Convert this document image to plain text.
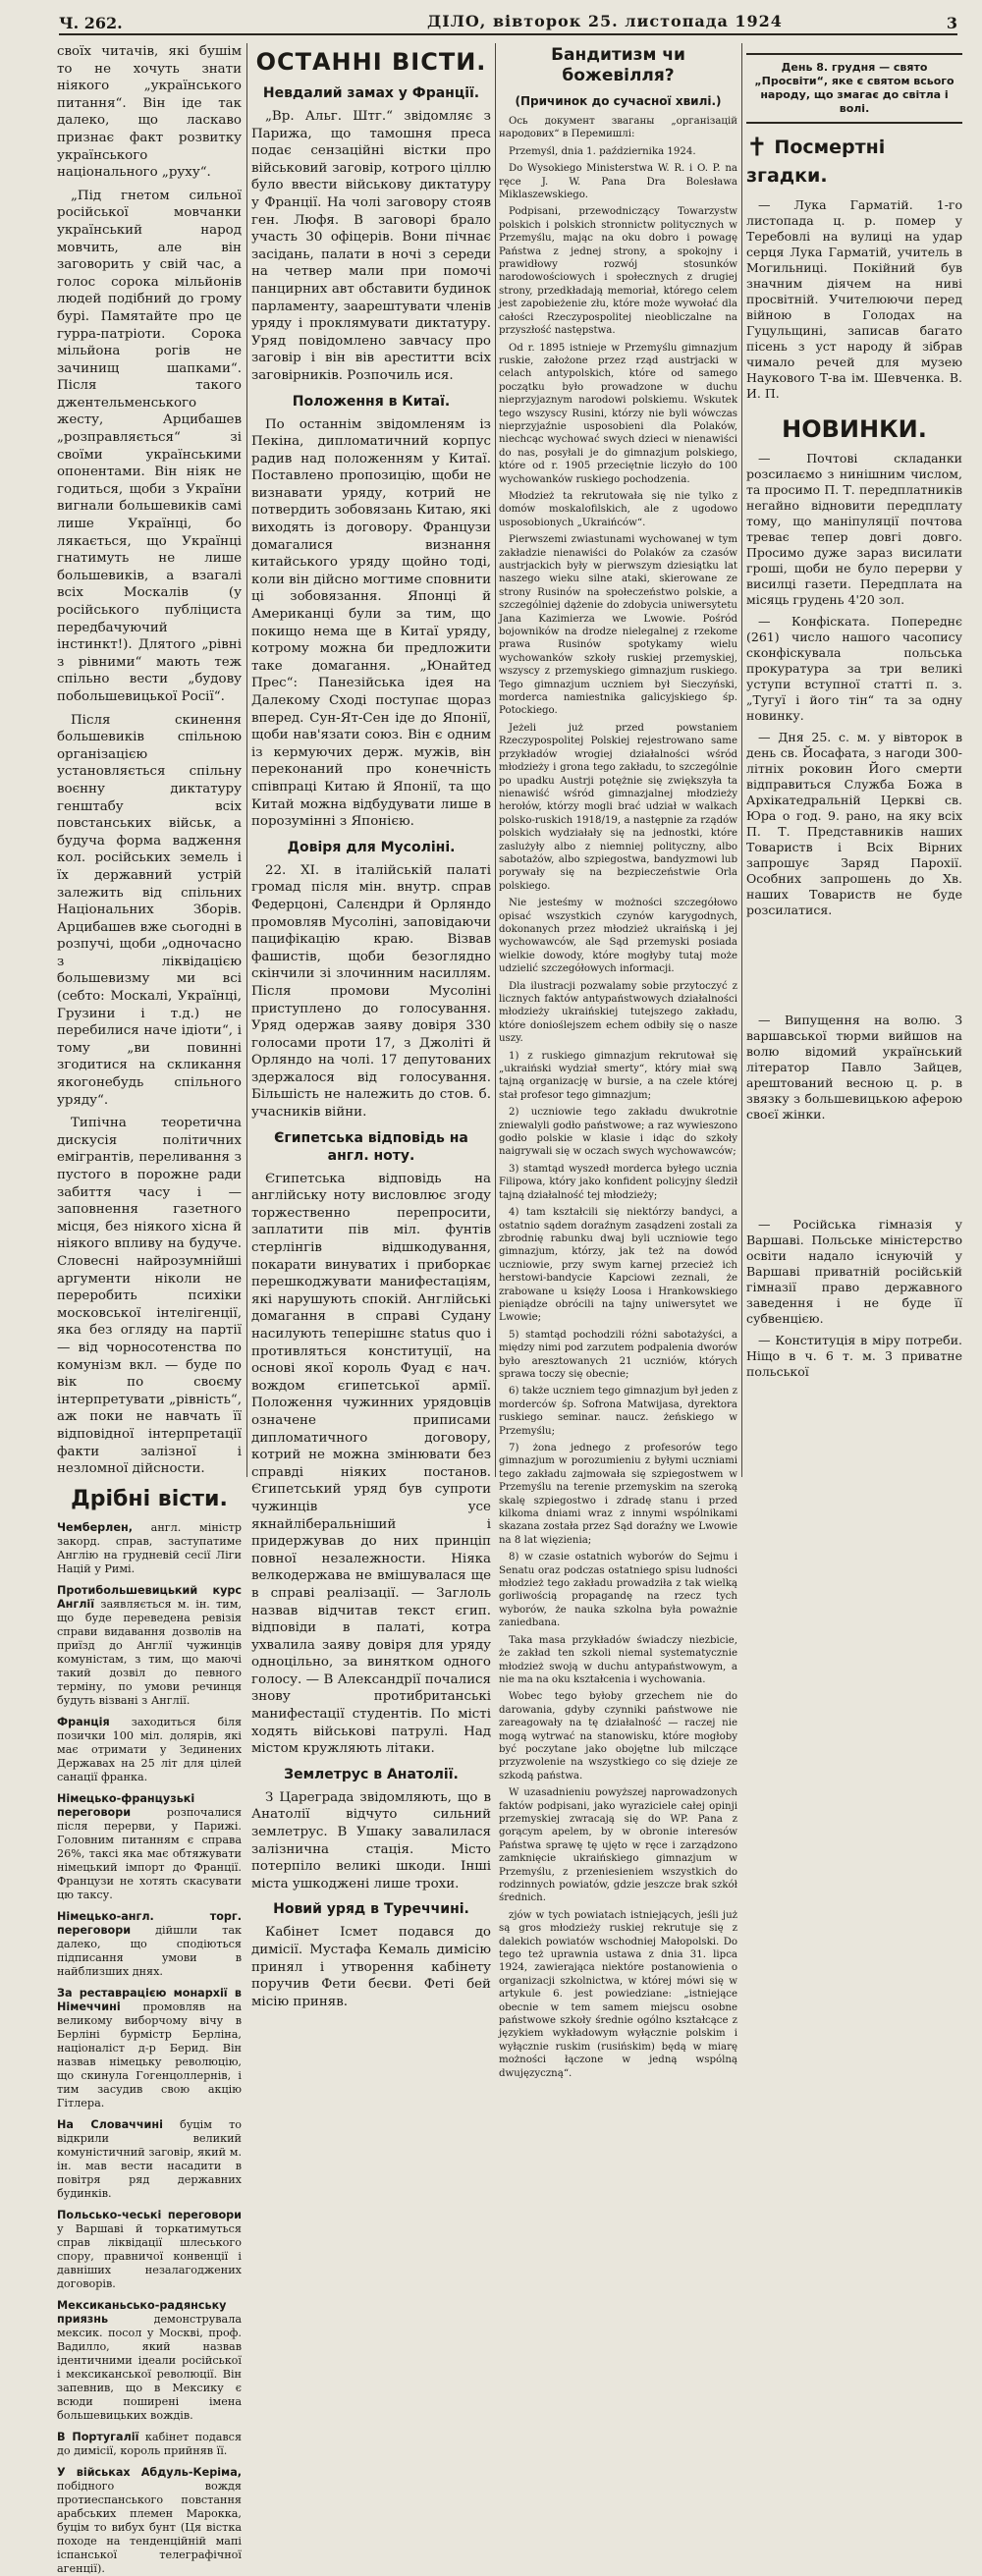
Ч. 262.	ДІЛО, вівторок 25. листопада 1924	3

своїх читачів, які бушім то не хочуть знати ніякого „українського питання“. Він іде так далеко, що ласкаво признає факт розвитку українського національного „руху“.

„Під гнетом сильної російської мовчанки український народ мовчить, але він заговорить у свій час, а голос сорока мільйонів людей подібний до грому бурі. Памятайте про це гурра-патріоти. Сорока мільйона рогів не зачинищ шапками“. Після такого джентельменського жесту, Арцибашев „розправляється“ зі своїми українськими опонентами. Він ніяк не годиться, щоби з України вигнали большевиків самі лише Українці, бо лякається, що Українці гнатимуть не лише большевиків, а взагалі всіх Москалів (у російського публіциста передбачуючий інстинкт!). Длятого „рівні з рівними“ мають теж спільно вести „будову побольшевицької Росії“.

Після скинення большевиків спільною організацією установляється спільну воєнну диктатуру генштабу всіх повстанських військ, а будуча форма вадження кол. російських земель і їх державний устрій залежить від спільних Національних Зборів. Арцибашев вже сьогодні в розпучі, щоби „одночасно з ліквідацією большевизму ми всі (себто: Москалі, Українці, Грузини і т.д.) не перебилися наче ідіоти“, і тому „ви повинні згодитися на скликання якогонебудь спільного уряду“.

Типічна теоретична дискусія політичних емігрантів, переливання з пустого в порожне ради забиття часу і — заповнення газетного місця, без ніякого хісна й ніякого впливу на будуче. Словесні найрозумнійші аргументи ніколи не переробить психіки московської інтелігенції, яка без огляду на партії — від чорносотенства по комунізм вкл. — буде по вік по своєму інтерпретувати „рівність“, аж поки не навчать її відповідної інтерпретації факти залізної і незломної дійсности.

Дрібні вісти.

Чемберлен, англ. міністр закорд. справ, заступатиме Англію на грудневій сесії Ліги Націй у Римі.

Протибольшевицький курс Англії заявляється м. ін. тим, що буде переведена ревізія справи видавання дозволів на приїзд до Англії чужинців комуністам, з тим, що маючі такий дозвіл до певного терміну, по умови речинця будуть візвані з Англії.

Франція заходиться біля позички 100 міл. долярів, які має отримати у Зединених Державах на 25 літ для цілей санації франка.

Німецько-французькі переговори розпочалися після перерви, у Парижі. Головним питанням є справа 26%, таксі яка має обтяжувати німецький імпорт до Франції. Французи не хотять скасувати цю таксу.

Німецько-англ. торг. переговори дійшли так далеко, що сподіються підписання умови в найблизших днях.

За реставрацією монархії в Німеччині промовляв на великому виборчому вічу в Берліні бурмістр Берліна, націоналіст д-р Берид. Він назвав німецьку революцію, що скинула Гогенцоллернів, і тим засудив свою акцію Гітлера.

На Словаччині буцім то відкрили великий комуністичний заговір, який м. ін. мав вести насадити в повітря ряд державних будинків.

Польсько-чеські переговори у Варшаві й торкатимуться справ ліквідації шлеського спору, правничої конвенції і давніших незалагоджених договорів.

Мексиканьсько-радянську приязнь демонструвала мексик. посол у Москві, проф. Вадилло, який назвав ідентичними ідеали російської і мексиканської революції. Він запевнив, що в Мексику є всюди поширені імена большевицьких вождів.

В Португалії кабінет подався до димісії, король прийняв її.

У військах Абдуль-Керіма, побідного вождя протиеспанського повстання арабських племен Марокка, буцім то вибух бунт (Ця вістка походе на тенденційній мапі іспанської телеграфічної агенції).

ОСТАННІ ВІСТИ.
Невдалий замах у Франції.

„Вр. Альг. Штг.“ звідомляє з Парижа, що тамошня преса подає сензаційні вістки про військовий заговір, котрого ціллю було ввести військову диктатуру у Франції. На чолі заговору стояв ген. Люфя. В заговорі брало участь 30 офіцерів. Вони пічнає засідань, палати в ночі з середи на четвер мали при помочі панцирних авт обставити будинок парламенту, заарештувати членів уряду і проклямувати диктатуру. Уряд повідомлено завчасу про заговір і він вів ареститти всіх заговірників. Розпочиль ися.

Положення в Китаї.

По останнім звідомленям із Пекіна, дипломатичний корпус радив над положенням у Китаї. Поставлено пропозицію, щоби не визнавати уряду, котрий не потвердить зобовязань Китаю, які виходять із договору. Французи домагалися визнання китайського уряду щойно тоді, коли він дійсно могтиме сповнити ці зобовязання. Японці й Американці були за тим, що покищо нема ще в Китаї уряду, котрому можна би предложити таке домагання. „Юнайтед Прес“: Панезійська ідея на Далекому Сході поступає щораз вперед. Сун-Ят-Сен іде до Японії, щоби нав'язати союз. Він є одним із кермуючих держ. мужів, він переконаний про конечність співпраці Китаю й Японії, та що Китай можна відбудувати лише в порозумінні з Японією.

Довіря для Мусоліні.

22. XI. в італійській палаті громад після мін. внутр. справ Федерцоні, Салєндри й Орляндо промовляв Мусоліні, заповідаючи пацифікацію краю. Візвав фашистів, щоби безоглядно скінчили зі злочинним насиллям. Після промови Мусоліні приступлено до голосування. Уряд одержав заяву довіря 330 голосами проти 17, з Джоліті й Орляндо на чолі. 17 депутованих здержалося від голосування. Більшість не належить до стов. б. учасників війни.

Єгипетська відповідь на англ. ноту.

Єгипетська відповідь на англійську ноту висловлює згоду торжественно перепросити, заплатити пів міл. фунтів стерлінгів відшкодування, покарати винуватих і приборкає перешкоджувати манифестаціям, які нарушують спокій. Англійські домагання в справі Судану насилують теперішнє status quo і противляться конституції, на основі якої король Фуад є нач. вождом єгипетської армії. Положення чужинних урядовців означене приписами дипломатичного договору, котрий не можна змінювати без справді ніяких постанов. Єгипетський уряд був супроти чужинців усе якнайліберальніший і придержував до них принціп повної незалежности. Ніяка велкодержава не вмішувалася ще в справі реалізації. — Заглоль назвав відчитав текст єгип. відповіди в палаті, котра ухвалила заяву довіря для уряду одноцільно, за винятком одного голосу. — В Александрії почалися знову протибританські манифестації студентів. По місті ходять військові патрулі. Над містом кружляють літаки.

Землетрус в Анатолії.

З Цареграда звідомляють, що в Анатолії відчуто сильний землетрус. В Ушаку завалилася залізнична стація. Місто потерпіло великі шкоди. Інші міста ушкоджені лише трохи.

Новий уряд в Туреччині.

Кабінет Ісмет подався до димісії. Мустафа Кемаль димісію принял і утворення кабінету поручив Фети беєви. Феті бей місію приняв.

Бандитизм чи божевілля?
(Причинок до сучасної хвилі.)

Ось документ зваганы „організацій народових“ в Перемишлі:

Przemyśl, dnia 1. października 1924.

Do Wysokiego Ministerstwa W. R. i O. P. na ręce J. W. Pana Dra Bolesława Miklaszewskiego.

Podpisani, przewodniczący Towarzystw polskich i polskich stronnictw politycznych w Przemyślu, mając na oku dobro i powagę Państwa z jednej strony, a spokojny i prawidłowy rozwój stosunków narodowościowych i społecznych z drugiej strony, przedkładają memoriał, którego celem jest zapobieżenie złu, które może wywołać dla całości Rzeczypospolitej nieobliczalne na przyszłość następstwa.

Od r. 1895 istnieje w Przemyślu gimnazjum ruskie, założone przez rząd austrjacki w celach antypolskich, które od samego początku było prowadzone w duchu nieprzyjaznym narodowi polskiemu. Wskutek tego wszyscy Rusini, którzy nie byli wówczas nieprzyjaźnie usposobieni dla Polaków, niechcąc wychować swych dzieci w nienawiści do nas, posyłali je do gimnazjum polskiego, które od r. 1905 przeciętnie liczyło do 100 wychowanków ruskiego pochodzenia.

Młodzież ta rekrutowała się nie tylko z domów moskalofilskich, ale z ugodowo usposobionych „Ukraińców“.

Pierwszemi zwiastunami wychowanej w tym zakładzie nienawiści do Polaków za czasów austrjackich były w pierwszym dziesiątku lat naszego wieku silne ataki, skierowane ze strony Rusinów na społeczeństwo polskie, a szczególniej dążenie do zdobycia uniwersytetu Jana Kazimierza we Lwowie. Pośród bojowników na drodze nielegalnej z rzekome prawa Rusinów spotykamy wielu wychowanków szkoły ruskiej przemyskiej, wszyscy z przemyskiego gimnazjum ruskiego. Tego gimnazjum uczniem był Sieczyński, morderca namiestnika galicyjskiego śp. Potockiego.

Jeżeli już przed powstaniem Rzeczypospolitej Polskiej rejestrowano same przykładów wrogiej działalności wśród młodzieży i grona tego zakładu, to szczególnie po upadku Austrji potężnie się zwiększyła ta nienawiść wśród gimnazjalnej młodzieży herołów, którzy mogli brać udział w walkach polsko-ruskich 1918/19, a następnie za rządów polskich wydziałały się na jednostki, które zaslużyły albo z niemniej polityczny, albo sabotażów, albo szpiegostwa, bandyzmowi lub porywały się na bezpieczeństwie Orla polskiego.

Nie jesteśmy w możności szczegółowo opisać wszystkich czynów karygodnych, dokonanych przez młodzież ukraińską i jej wychowawców, ale Sąd przemyski posiada wielkie dowody, które mogłyby tutaj może udzielić szczegółowych informacji.

Dla ilustracji pozwalamy sobie przytoczyć z licznych faktów antypaństwowych działalności młodzieży ukraińskiej tutejszego zakładu, które donioślejszem echem odbiły się o nasze uszy.

1) z ruskiego gimnazjum rekrutował się „ukraiński wydział smerty“, który miał swą tajną organizację w bursie, a na czele której stał profesor tego gimnazjum;

2) uczniowie tego zakładu dwukrotnie zniewalyli godło państwowe; a raz wywieszono godło polskie w klasie i idąc do szkoły naigrywali się w oczach swych wychowawców;

3) stamtąd wyszedł morderca byłego ucznia Filipowa, który jako konfident policyjny śledził tajną działalność tej młodzieży;

4) tam kształcili się niektórzy bandyci, a ostatnio sądem doraźnym zasądzeni zostali za zbrodnię rabunku dwaj byli uczniowie tego gimnazjum, którzy, jak też na dowód uczniowie, przy swym karnej przecież ich herstowi-bandycie Kapciowi zeznali, że zrabowane u księży Loosa i Hrankowskiego pieniądze obrócili na tajny uniwersytet we Lwowie;

5) stamtąd pochodzili różni sabotażyści, a między nimi pod zarzutem podpalenia dworów było aresztowanych 21 uczniów, których sprawa toczy się obecnie;

6) także uczniem tego gimnazjum był jeden z morderców śp. Sofrona Matwijasa, dyrektora ruskiego seminar. naucz. żeńskiego w Przemyślu;

7) żona jednego z profesorów tego gimnazjum w porozumieniu z byłymi uczniami tego zakładu zajmowała się szpiegostwem w Przemyślu na terenie przemyskim na szeroką skalę szpiegostwo i zdradę stanu i przed kilkoma dniami wraz z innymi wspólnikami skazana została przez Sąd doraźny we Lwowie na 8 lat więzienia;

8) w czasie ostatnich wyborów do Sejmu i Senatu oraz podczas ostatniego spisu ludności młodzież tego zakładu prowadziła z tak wielką gorliwością propagandę na rzecz tych wyborów, że nauka szkolna była poważnie zaniedbana.

Taka masa przykładów świadczy niezbicie, że zakład ten szkoli niemal systematycznie młodzież swoją w duchu antypaństwowym, a nie ma na oku kształcenia i wychowania.

Wobec tego byłoby grzechem nie do darowania, gdyby czynniki państwowe nie zareagowały na tę działalność — raczej nie mogą wytrwać na stanowisku, które mogłoby być poczytane jako obojętne lub milczące przyzwolenie na wszystkiego co się dzieje ze szkodą państwa.

W uzasadnieniu powyższej naprowadzonych faktów podpisani, jako wyraziciele całej opinji przemyskiej zwracają się do WP. Pana z gorącym apelem, by w obronie interesów Państwa sprawę tę ujęto w ręce i zarządzono zamknięcie ukraińskiego gimnazjum w Przemyślu, z przeniesieniem wszystkich do rodzinnych powiatów, gdzie jeszcze brak szkół średnich.

zjów w tych powiatach istniejących, jeśli już są gros młodzieży ruskiej rekrutuje się z dalekich powiatów wschodniej Małopolski. Do tego też uprawnia ustawa z dnia 31. lipca 1924, zawierająca niektóre postanowienia o organizacji szkolnictwa, w której mówi się w artykule 6. jest powiedziane: „istniejące obecnie w tem samem miejscu osobne państwowe szkoły średnie ogólno kształcące z językiem wykładowym wyłącznie polskim i wyłącznie ruskim (rusińskim) będą w miarę możności łączone w jedną wspólną dwujęzyczną“.

День 8. грудня — свято „Просвіти“, яке є святом всього народу, що змагає до світла і волі.
✝ Посмертні згадки.

— Лука Гарматій. 1-го листопада ц. р. помер у Теребовлі на вулиці на удар серця Лука Гарматій, учитель в Могильниці. Покійний був значним діячем на ниві просвітній. Учителюючи перед війною в Голодах на Гуцульщині, записав багато пісень з уст народу й зібрав чимало речей для музею Наукового Т-ва ім. Шевченка. В. И. П.

НОВИНКИ.

— Почтові складанки розсилаємо з нинішним числом, та просимо П. Т. передплатників негайно відновити передплату тому, що маніпуляції почтова треває тепер довгі довго. Просимо дуже зараз висилати гроші, щоби не було перерви у висилці газети. Передплата на місяць грудень 4'20 зол.

— Конфіската. Попереднє (261) число нашого часопису сконфіскувала польська прокуратура за три великі уступи вступної статті п. з. „Тугуї і його тін“ та за одну новинку.

— Дня 25. с. м. у вівторок в день св. Йосафата, з нагоди 300-літніх роковин Його смерти відправиться Служба Божа в Архікатедральній Церкві св. Юра о год. 9. рано, на яку всіх П. Т. Представників наших Товариств і Всіх Вірних запрошує Заряд Парохії. Особних запрошень до Хв. наших Товариств не буде розсилатися.

— Випущення на волю. З варшавської тюрми вийшов на волю відомий український літератор Павло Зайцев, арештований весною ц. р. в звязку з большевицькою аферою своєї жінки.

— Російська гімназія у Варшаві. Польське міністерство освіти надало існуючій у Варшаві приватній російській гімназії право державного заведення і не буде її субвенцією.

— Конституція в міру потреби. Ніщо в ч. 6 т. м. 3 приватне польської
